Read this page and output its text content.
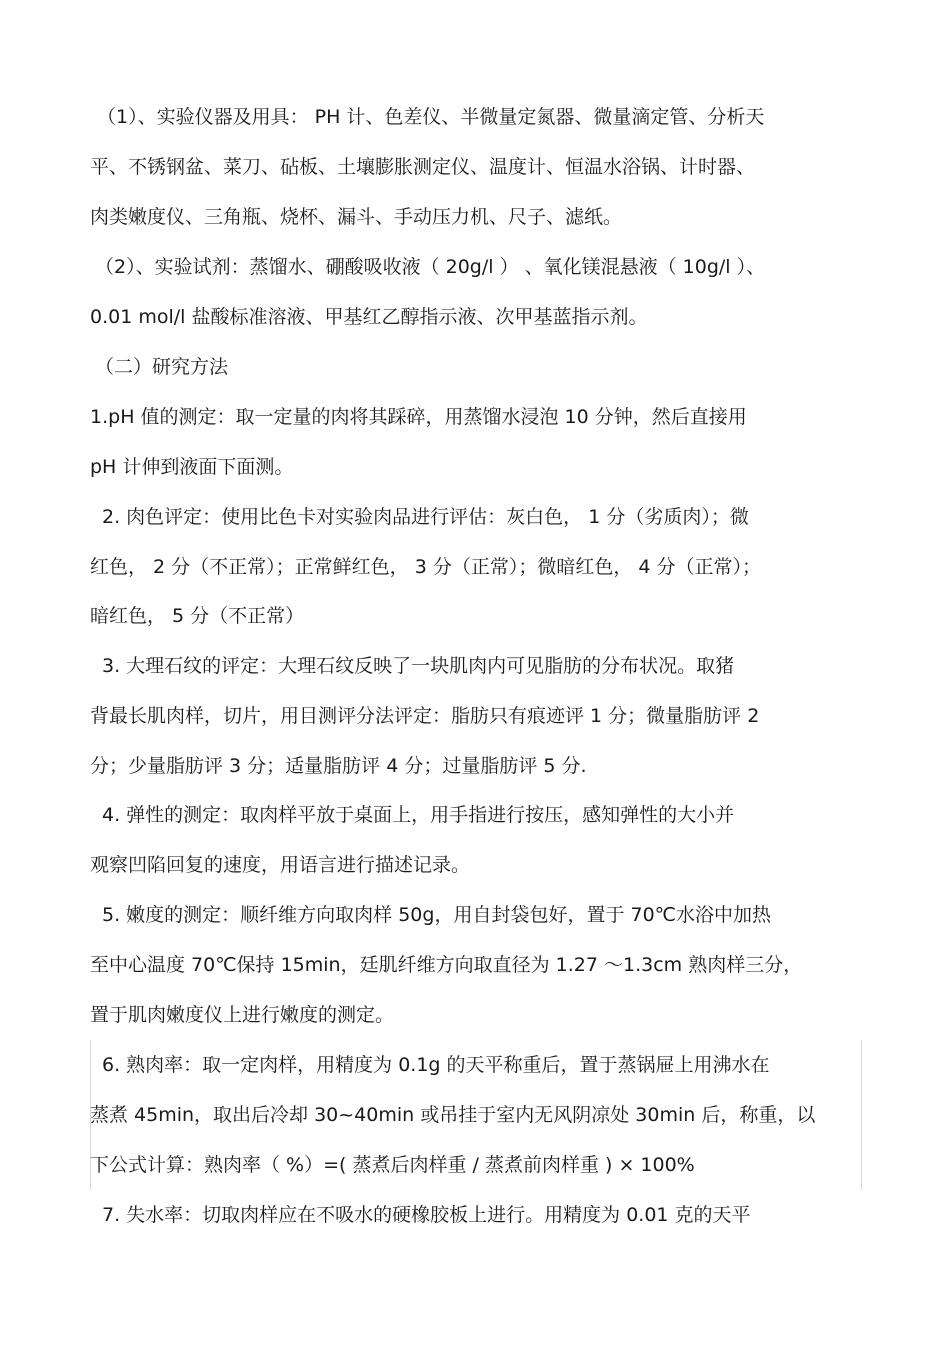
（1）、实验仪器及用具： PH 计、色差仪、半微量定氮器、微量滴定管、分析天
平、不锈钢盆、菜刀、砧板、土壤膨胀测定仪、温度计、恒温水浴锅、计时器、
肉类嫩度仪、三角瓶、烧杯、漏斗、手动压力机、尺子、滤纸。
（2）、实验试剂：蒸馏水、硼酸吸收液（ 20g/l ） 、氧化镁混悬液（ 10g/l ）、
0.01 mol/l 盐酸标准溶液、甲基红乙醇指示液、次甲基蓝指示剂。
（二）研究方法
1.pH 值的测定：取一定量的肉将其踩碎，用蒸馏水浸泡 10 分钟，然后直接用
pH 计伸到液面下面测。
2. 肉色评定：使用比色卡对实验肉品进行评估：灰白色， 1 分（劣质肉）；微
红色， 2 分（不正常）；正常鲜红色， 3 分（正常）；微暗红色， 4 分（正常）；
暗红色， 5 分（不正常）
3. 大理石纹的评定：大理石纹反映了一块肌肉内可见脂肪的分布状况。取猪
背最长肌肉样，切片，用目测评分法评定：脂肪只有痕迹评 1 分；微量脂肪评 2
分；少量脂肪评 3 分；适量脂肪评 4 分；过量脂肪评 5 分.
4. 弹性的测定：取肉样平放于桌面上，用手指进行按压，感知弹性的大小并
观察凹陷回复的速度，用语言进行描述记录。
5. 嫩度的测定：顺纤维方向取肉样 50g，用自封袋包好，置于 70℃水浴中加热
至中心温度 70℃保持 15min，廷肌纤维方向取直径为 1.27 ～1.3cm 熟肉样三分，
置于肌肉嫩度仪上进行嫩度的测定。
6. 熟肉率：取一定肉样，用精度为 0.1g 的天平称重后，置于蒸锅屉上用沸水在
蒸煮 45min，取出后冷却 30~40min 或吊挂于室内无风阴凉处 30min 后，称重，以
下公式计算：熟肉率（ %）=( 蒸煮后肉样重 / 蒸煮前肉样重 ) × 100%
7. 失水率：切取肉样应在不吸水的硬橡胶板上进行。用精度为 0.01 克的天平
